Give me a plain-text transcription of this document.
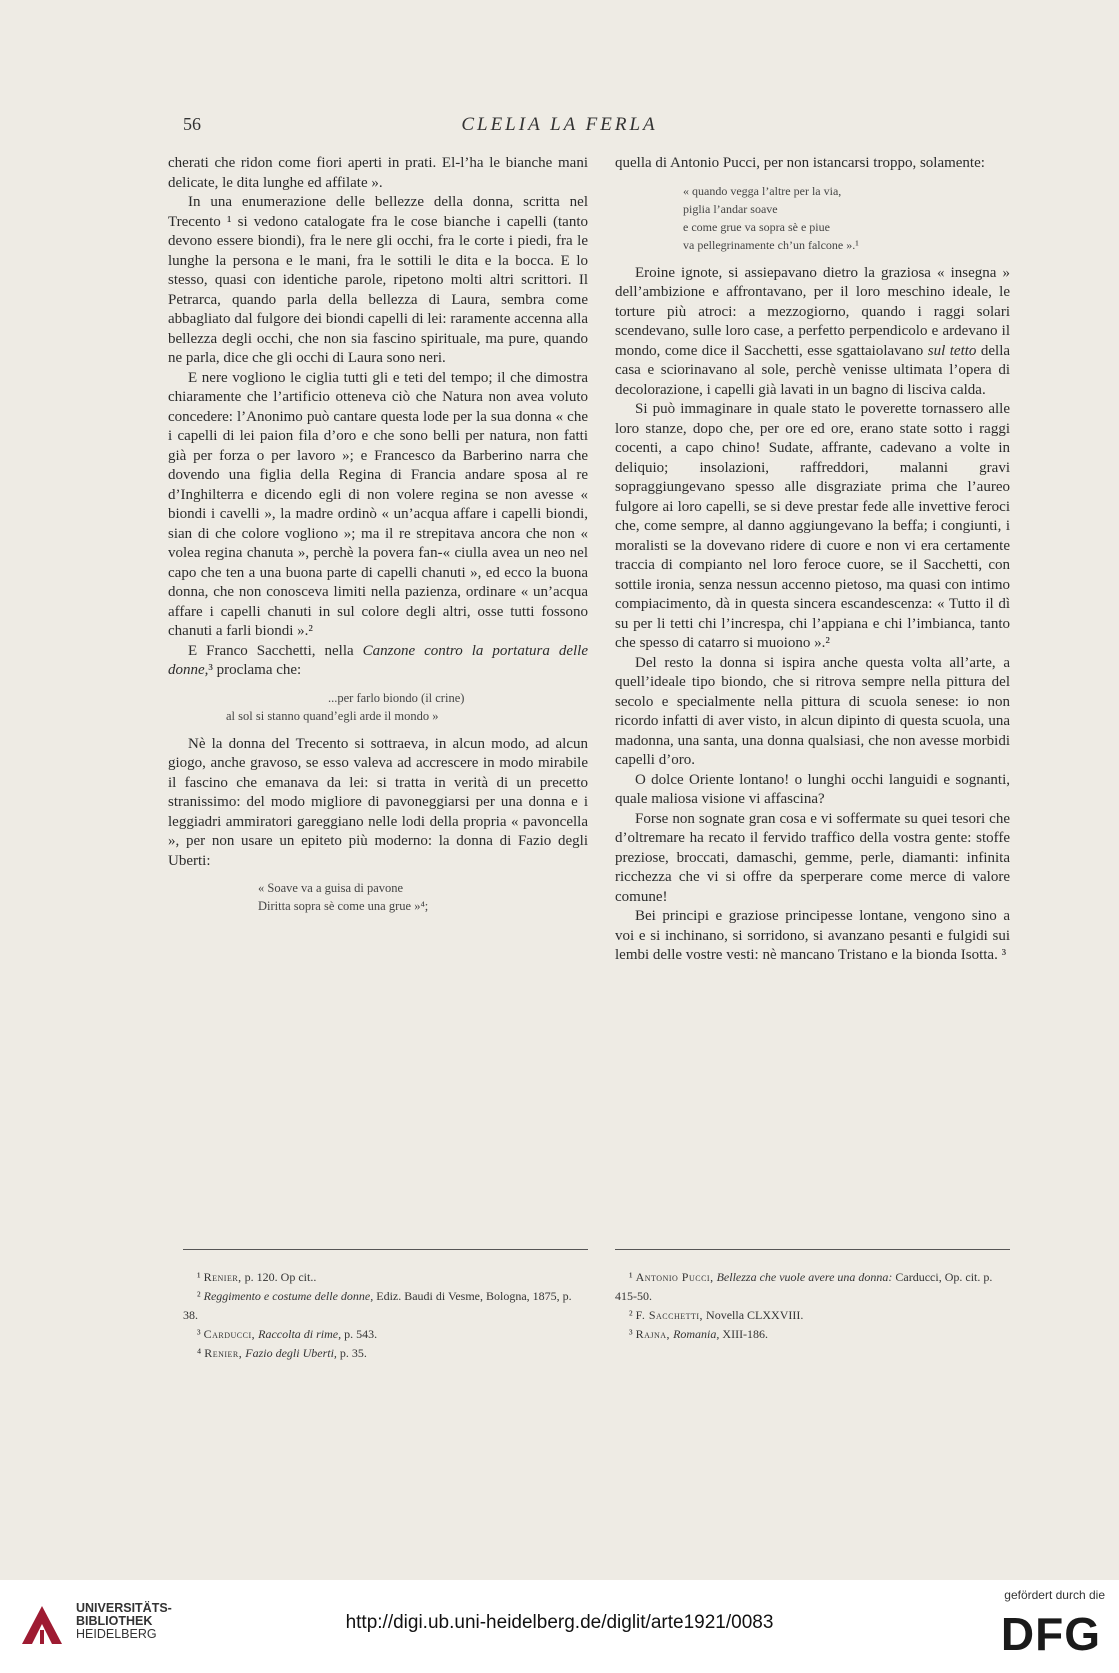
56	CLELIA LA FERLA

cherati che ridon come fiori aperti in prati. El-l’ha le bianche mani delicate, le dita lunghe ed affilate ».

In una enumerazione delle bellezze della donna, scritta nel Trecento ¹ si vedono catalogate fra le cose bianche i capelli (tanto devono essere biondi), fra le nere gli occhi, fra le corte i piedi, fra le lunghe la persona e le mani, fra le sottili le dita e la bocca. E lo stesso, quasi con identiche parole, ripetono molti altri scrittori. Il Petrarca, quando parla della bellezza di Laura, sembra come abbagliato dal fulgore dei biondi capelli di lei: raramente accenna alla bellezza degli occhi, che non sia fascino spirituale, ma pure, quando ne parla, dice che gli occhi di Laura sono neri.

E nere vogliono le ciglia tutti gli e teti del tempo; il che dimostra chiaramente che l’artificio otteneva ciò che Natura non avea voluto concedere: l’Anonimo può cantare questa lode per la sua donna « che i capelli di lei paion fila d’oro e che sono belli per natura, non fatti già per forza o per lavoro »; e Francesco da Barberino narra che dovendo una figlia della Regina di Francia andare sposa al re d’Inghilterra e dicendo egli di non volere regina se non avesse « biondi i cavelli », la madre ordinò « un’acqua affare i capelli biondi, sian di che colore vogliono »; ma il re strepitava ancora che non « volea regina chanuta », perchè la povera fan-« ciulla avea un neo nel capo che ten a una buona parte di capelli chanuti », ed ecco la buona donna, che non conosceva limiti nella pazienza, ordinare « un’acqua affare i capelli chanuti in sul colore degli altri, osse tutti fossono chanuti a farli biondi ».²

E Franco Sacchetti, nella Canzone contro la portatura delle donne,³ proclama che:

...per farlo biondo (il crine)
al sol si stanno quand’egli arde il mondo »

Nè la donna del Trecento si sottraeva, in alcun modo, ad alcun giogo, anche gravoso, se esso valeva ad accrescere in modo mirabile il fascino che emanava da lei: si tratta in verità di un precetto stranissimo: del modo migliore di pavoneggiarsi per una donna e i leggiadri ammiratori gareggiano nelle lodi della propria « pavoncella », per non usare un epiteto più moderno: la donna di Fazio degli Uberti:

« Soave va a guisa di pavone
Diritta sopra sè come una grue »⁴;

quella di Antonio Pucci, per non istancarsi troppo, solamente:

« quando vegga l’altre per la via,
piglia l’andar soave
e come grue va sopra sè e piue
va pellegrinamente ch’un falcone ».¹

Eroine ignote, si assiepavano dietro la graziosa « insegna » dell’ambizione e affrontavano, per il loro meschino ideale, le torture più atroci: a mezzogiorno, quando i raggi solari scendevano, sulle loro case, a perfetto perpendicolo e ardevano il mondo, come dice il Sacchetti, esse sgattaiolavano sul tetto della casa e sciorinavano al sole, perchè venisse ultimata l’opera di decolorazione, i capelli già lavati in un bagno di lisciva calda.

Si può immaginare in quale stato le poverette tornassero alle loro stanze, dopo che, per ore ed ore, erano state sotto i raggi cocenti, a capo chino! Sudate, affrante, cadevano a volte in deliquio; insolazioni, raffreddori, malanni gravi sopraggiungevano spesso alle disgraziate prima che l’aureo fulgore ai loro capelli, se si deve prestar fede alle invettive feroci che, come sempre, al danno aggiungevano la beffa; i congiunti, i moralisti se la dovevano ridere di cuore e non vi era certamente traccia di compianto nel loro feroce cuore, se il Sacchetti, con sottile ironia, senza nessun accenno pietoso, ma quasi con intimo compiacimento, dà in questa sincera escandescenza: « Tutto il dì su per li tetti chi l’increspa, chi l’appiana e chi l’imbianca, tanto che spesso di catarro si muoiono ».²

Del resto la donna si ispira anche questa volta all’arte, a quell’ideale tipo biondo, che si ritrova sempre nella pittura del secolo e specialmente nella pittura di scuola senese: io non ricordo infatti di aver visto, in alcun dipinto di questa scuola, una madonna, una santa, una donna qualsiasi, che non avesse morbidi capelli d’oro.

O dolce Oriente lontano! o lunghi occhi languidi e sognanti, quale maliosa visione vi affascina?

Forse non sognate gran cosa e vi soffermate su quei tesori che d’oltremare ha recato il fervido traffico della vostra gente: stoffe preziose, broccati, damaschi, gemme, perle, diamanti: infinita ricchezza che vi si offre da sperperare come merce di valore comune!

Bei principi e graziose principesse lontane, vengono sino a voi e si inchinano, si sorridono, si avanzano pesanti e fulgidi sui lembi delle vostre vesti: nè mancano Tristano e la bionda Isotta. ³

¹ Renier, p. 120. Op cit..
² Reggimento e costume delle donne, Ediz. Baudi di Vesme, Bologna, 1875, p. 38.
³ Carducci, Raccolta di rime, p. 543.
⁴ Renier, Fazio degli Uberti, p. 35.
¹ Antonio Pucci, Bellezza che vuole avere una donna: Carducci, Op. cit. p. 415-50.
² F. Sacchetti, Novella CLXXVIII.
³ Rajna, Romania, XIII-186.
UNIVERSITÄTS-
BIBLIOTHEK
HEIDELBERG
http://digi.ub.uni-heidelberg.de/diglit/arte1921/0083
gefördert durch die
DFG
